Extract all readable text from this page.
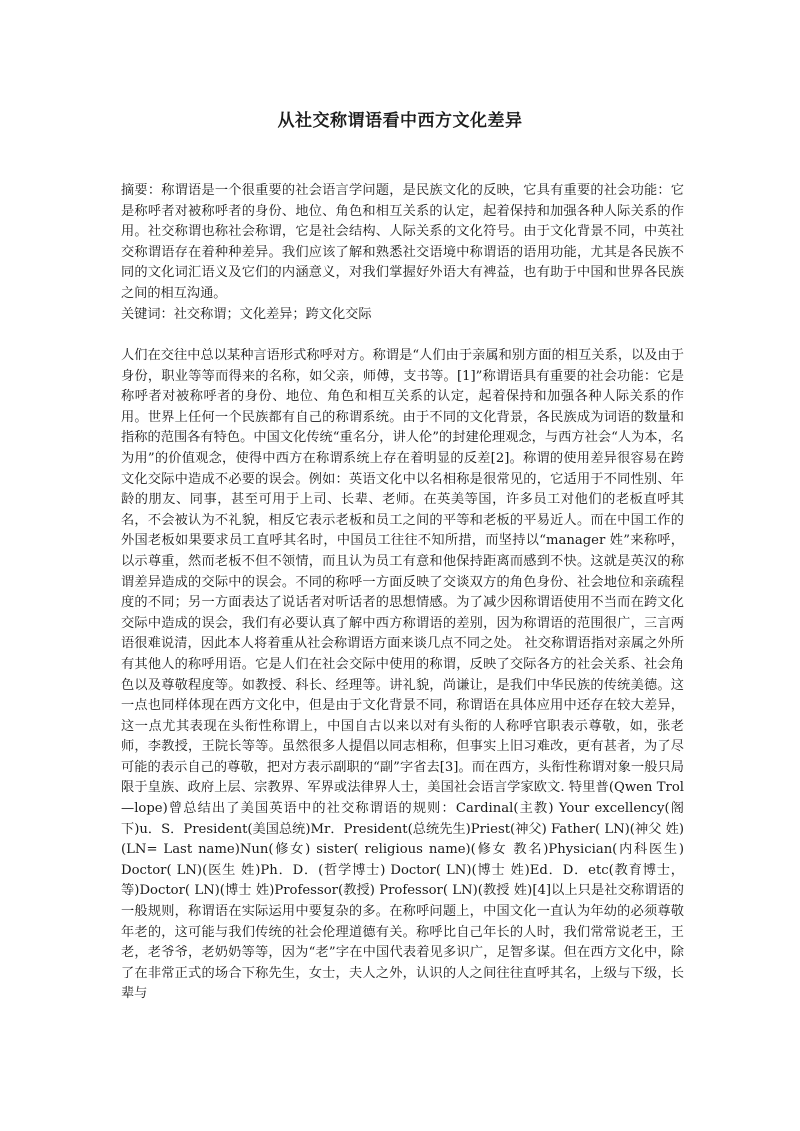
从社交称谓语看中西方文化差异

摘要：称谓语是一个很重要的社会语言学问题，是民族文化的反映，它具有重要的社会功能：它是称呼者对被称呼者的身份、地位、角色和相互关系的认定，起着保持和加强各种人际关系的作用。社交称谓也称社会称谓，它是社会结构、人际关系的文化符号。由于文化背景不同，中英社交称谓语存在着种种差异。我们应该了解和熟悉社交语境中称谓语的语用功能，尤其是各民族不同的文化词汇语义及它们的内涵意义，对我们掌握好外语大有裨益，也有助于中国和世界各民族之间的相互沟通。

关键词：社交称谓；文化差异；跨文化交际

人们在交往中总以某种言语形式称呼对方。称谓是“人们由于亲属和别方面的相互关系，以及由于身份，职业等等而得来的名称，如父亲，师傅，支书等。[1]”称谓语具有重要的社会功能：它是称呼者对被称呼者的身份、地位、角色和相互关系的认定，起着保持和加强各种人际关系的作用。世界上任何一个民族都有自己的称谓系统。由于不同的文化背景，各民族成为词语的数量和指称的范围各有特色。中国文化传统“重名分，讲人伦”的封建伦理观念，与西方社会“人为本，名为用”的价值观念，使得中西方在称谓系统上存在着明显的反差[2]。称谓的使用差异很容易在跨文化交际中造成不必要的误会。例如：英语文化中以名相称是很常见的，它适用于不同性别、年龄的朋友、同事，甚至可用于上司、长辈、老师。在英美等国，许多员工对他们的老板直呼其名，不会被认为不礼貌，相反它表示老板和员工之间的平等和老板的平易近人。而在中国工作的外国老板如果要求员工直呼其名时，中国员工往往不知所措，而坚持以“manager 姓”来称呼，以示尊重，然而老板不但不领情，而且认为员工有意和他保持距离而感到不快。这就是英汉的称谓差异造成的交际中的误会。不同的称呼一方面反映了交谈双方的角色身份、社会地位和亲疏程度的不同；另一方面表达了说话者对听话者的思想情感。为了减少因称谓语使用不当而在跨文化交际中造成的误会，我们有必要认真了解中西方称谓语的差别，因为称谓语的范围很广，三言两语很难说清，因此本人将着重从社会称谓语方面来谈几点不同之处。 社交称谓语指对亲属之外所有其他人的称呼用语。它是人们在社会交际中使用的称谓，反映了交际各方的社会关系、社会角色以及尊敬程度等。如教授、科长、经理等。讲礼貌，尚谦让，是我们中华民族的传统美德。这一点也同样体现在西方文化中，但是由于文化背景不同，称谓语在具体应用中还存在较大差异，这一点尤其表现在头衔性称谓上，中国自古以来以对有头衔的人称呼官职表示尊敬，如，张老师，李教授，王院长等等。虽然很多人提倡以同志相称，但事实上旧习难改，更有甚者，为了尽可能的表示自己的尊敬，把对方表示副职的“副”字省去[3]。而在西方，头衔性称谓对象一般只局限于皇族、政府上层、宗教界、军界或法律界人士，美国社会语言学家欧文. 特里普(Qwen Trol—lope)曾总结出了美国英语中的社交称谓语的规则：Cardinal(主教) Your excellency(阁下)u．S．President(美国总统)Mr．President(总统先生)Priest(神父) Father( LN)(神父 姓)(LN= Last name)Nun(修女) sister( religious name)(修女 教名)Physician(内科医生) Doctor( LN)(医生 姓)Ph．D．(哲学博士) Doctor( LN)(博士 姓)Ed．D．etc(教育博士，等)Doctor( LN)(博士 姓)Professor(教授) Professor( LN)(教授 姓)[4]以上只是社交称谓语的一般规则，称谓语在实际运用中要复杂的多。在称呼问题上，中国文化一直认为年幼的必须尊敬年老的，这可能与我们传统的社会伦理道德有关。称呼比自己年长的人时，我们常常说老王，王老，老爷爷，老奶奶等等，因为“老”字在中国代表着见多识广，足智多谋。但在西方文化中，除了在非常正式的场合下称先生，女士，夫人之外，认识的人之间往往直呼其名，上级与下级，长辈与
